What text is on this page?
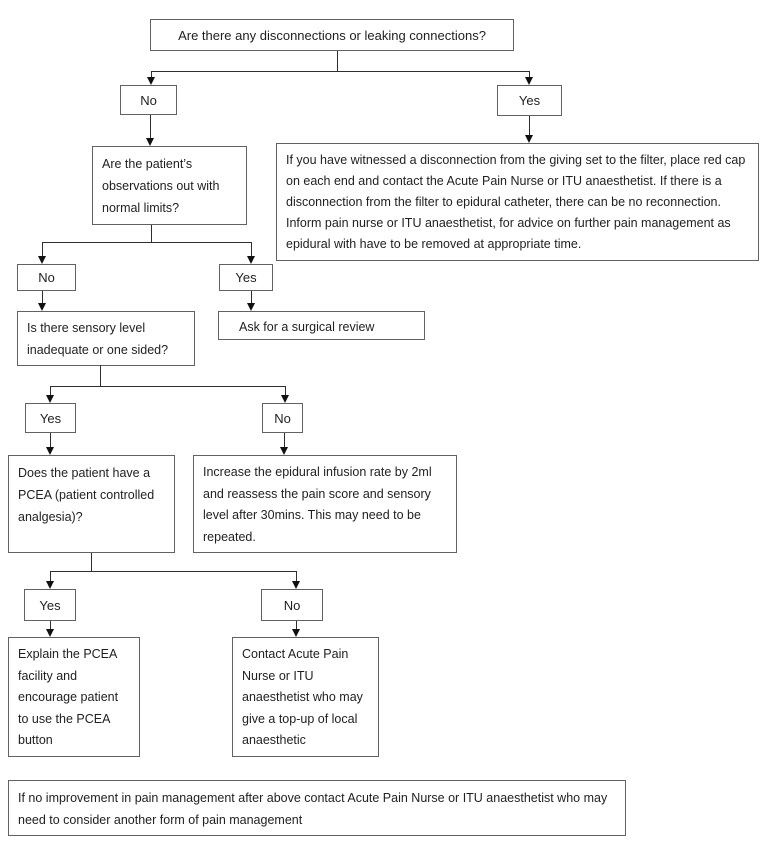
Are there any disconnections or leaking connections?
No	Yes
Are the patient’s observations out with normal limits?
If you have witnessed a disconnection from the giving set to the filter, place red cap on each end and contact the Acute Pain Nurse or ITU anaesthetist. If there is a disconnection from the filter to epidural catheter, there can be no reconnection. Inform pain nurse or ITU anaesthetist, for advice on further pain management as epidural with have to be removed at appropriate time.
No	Yes
Is there sensory level inadequate or one sided?
Ask for a surgical review
Yes	No
Does the patient have a PCEA (patient controlled analgesia)?
Increase the epidural infusion rate by 2ml and reassess the pain score and sensory level after 30mins. This may need to be repeated.
Yes	No
Explain the PCEA facility and encourage patient to use the PCEA button
Contact Acute Pain Nurse or ITU anaesthetist who may give a top-up of local anaesthetic
If no improvement in pain management after above contact Acute Pain Nurse or ITU anaesthetist who may need to consider another form of pain management
